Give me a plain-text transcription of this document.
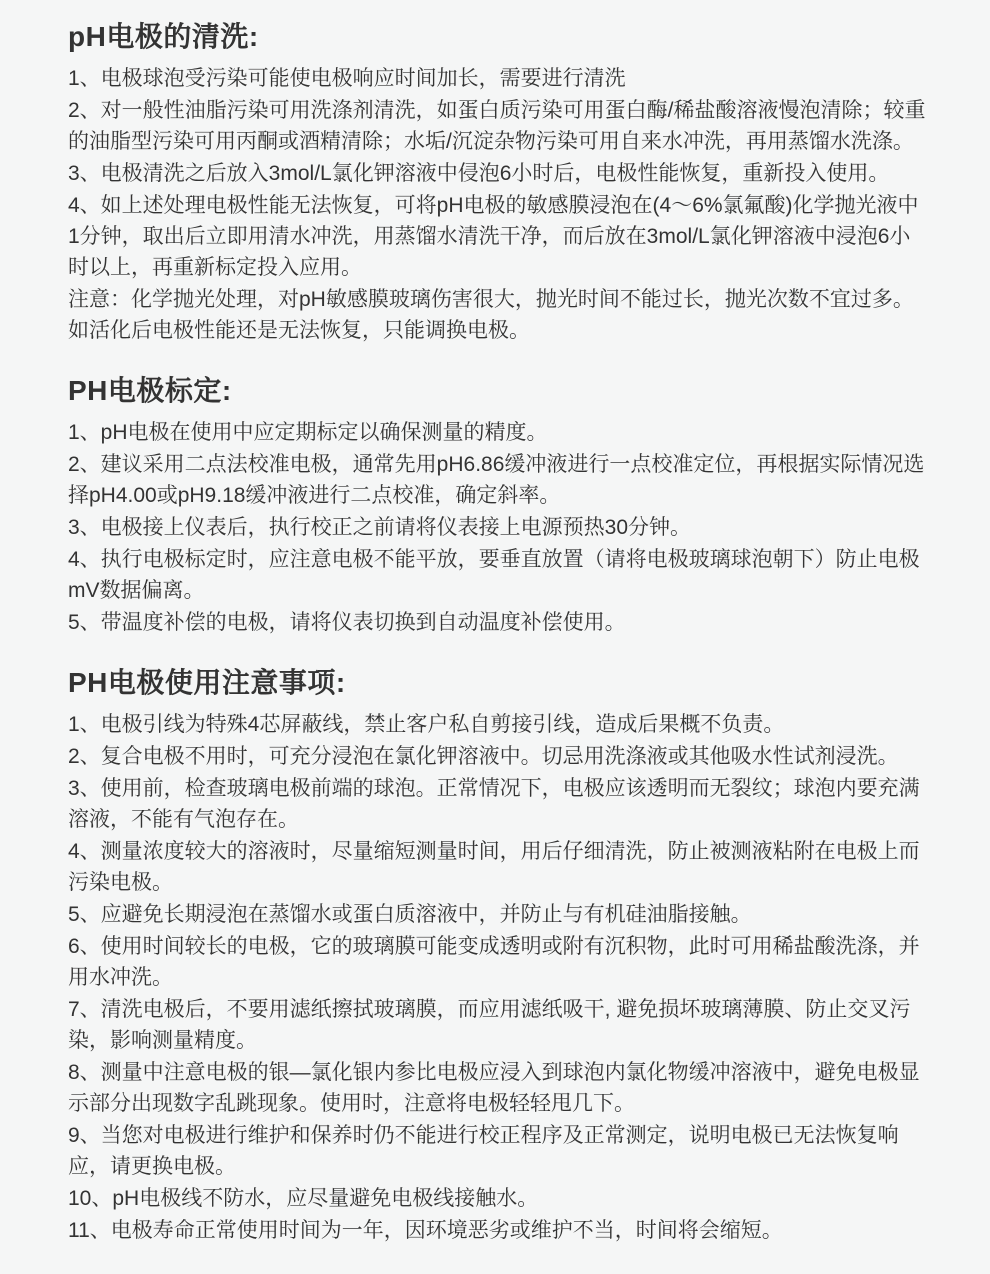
pH电极的清洗:

1、电极球泡受污染可能使电极响应时间加长，需要进行清洗

2、对一般性油脂污染可用洗涤剂清洗，如蛋白质污染可用蛋白酶/稀盐酸溶液慢泡清除；较重的油脂型污染可用丙酮或酒精清除；水垢/沉淀杂物污染可用自来水冲洗，再用蒸馏水洗涤。

3、电极清洗之后放入3mol/L氯化钾溶液中侵泡6小时后，电极性能恢复，重新投入使用。

4、如上述处理电极性能无法恢复，可将pH电极的敏感膜浸泡在(4～6%氯氟酸)化学抛光液中1分钟，取出后立即用清水冲洗，用蒸馏水清洗干净，而后放在3mol/L氯化钾溶液中浸泡6小时以上，再重新标定投入应用。

注意：化学抛光处理，对pH敏感膜玻璃伤害很大，抛光时间不能过长，抛光次数不宜过多。如活化后电极性能还是无法恢复，只能调换电极。

PH电极标定:

1、pH电极在使用中应定期标定以确保测量的精度。

2、建议采用二点法校准电极，通常先用pH6.86缓冲液进行一点校准定位，再根据实际情况选择pH4.00或pH9.18缓冲液进行二点校准，确定斜率。

3、电极接上仪表后，执行校正之前请将仪表接上电源预热30分钟。

4、执行电极标定时，应注意电极不能平放，要垂直放置（请将电极玻璃球泡朝下）防止电极mV数据偏离。

5、带温度补偿的电极，请将仪表切换到自动温度补偿使用。

PH电极使用注意事项:

1、电极引线为特殊4芯屏蔽线，禁止客户私自剪接引线，造成后果概不负责。

2、复合电极不用时，可充分浸泡在氯化钾溶液中。切忌用洗涤液或其他吸水性试剂浸洗。

3、使用前，检查玻璃电极前端的球泡。正常情况下，电极应该透明而无裂纹；球泡内要充满溶液，不能有气泡存在。

4、测量浓度较大的溶液时，尽量缩短测量时间，用后仔细清洗，防止被测液粘附在电极上而污染电极。

5、应避免长期浸泡在蒸馏水或蛋白质溶液中，并防止与有机硅油脂接触。

6、使用时间较长的电极，它的玻璃膜可能变成透明或附有沉积物，此时可用稀盐酸洗涤，并用水冲洗。

7、清洗电极后，不要用滤纸擦拭玻璃膜，而应用滤纸吸干, 避免损坏玻璃薄膜、防止交叉污染，影响测量精度。

8、测量中注意电极的银—氯化银内参比电极应浸入到球泡内氯化物缓冲溶液中，避免电极显示部分出现数字乱跳现象。使用时，注意将电极轻轻甩几下。

9、当您对电极进行维护和保养时仍不能进行校正程序及正常测定，说明电极已无法恢复响应，请更换电极。

10、pH电极线不防水，应尽量避免电极线接触水。

11、电极寿命正常使用时间为一年，因环境恶劣或维护不当，时间将会缩短。
